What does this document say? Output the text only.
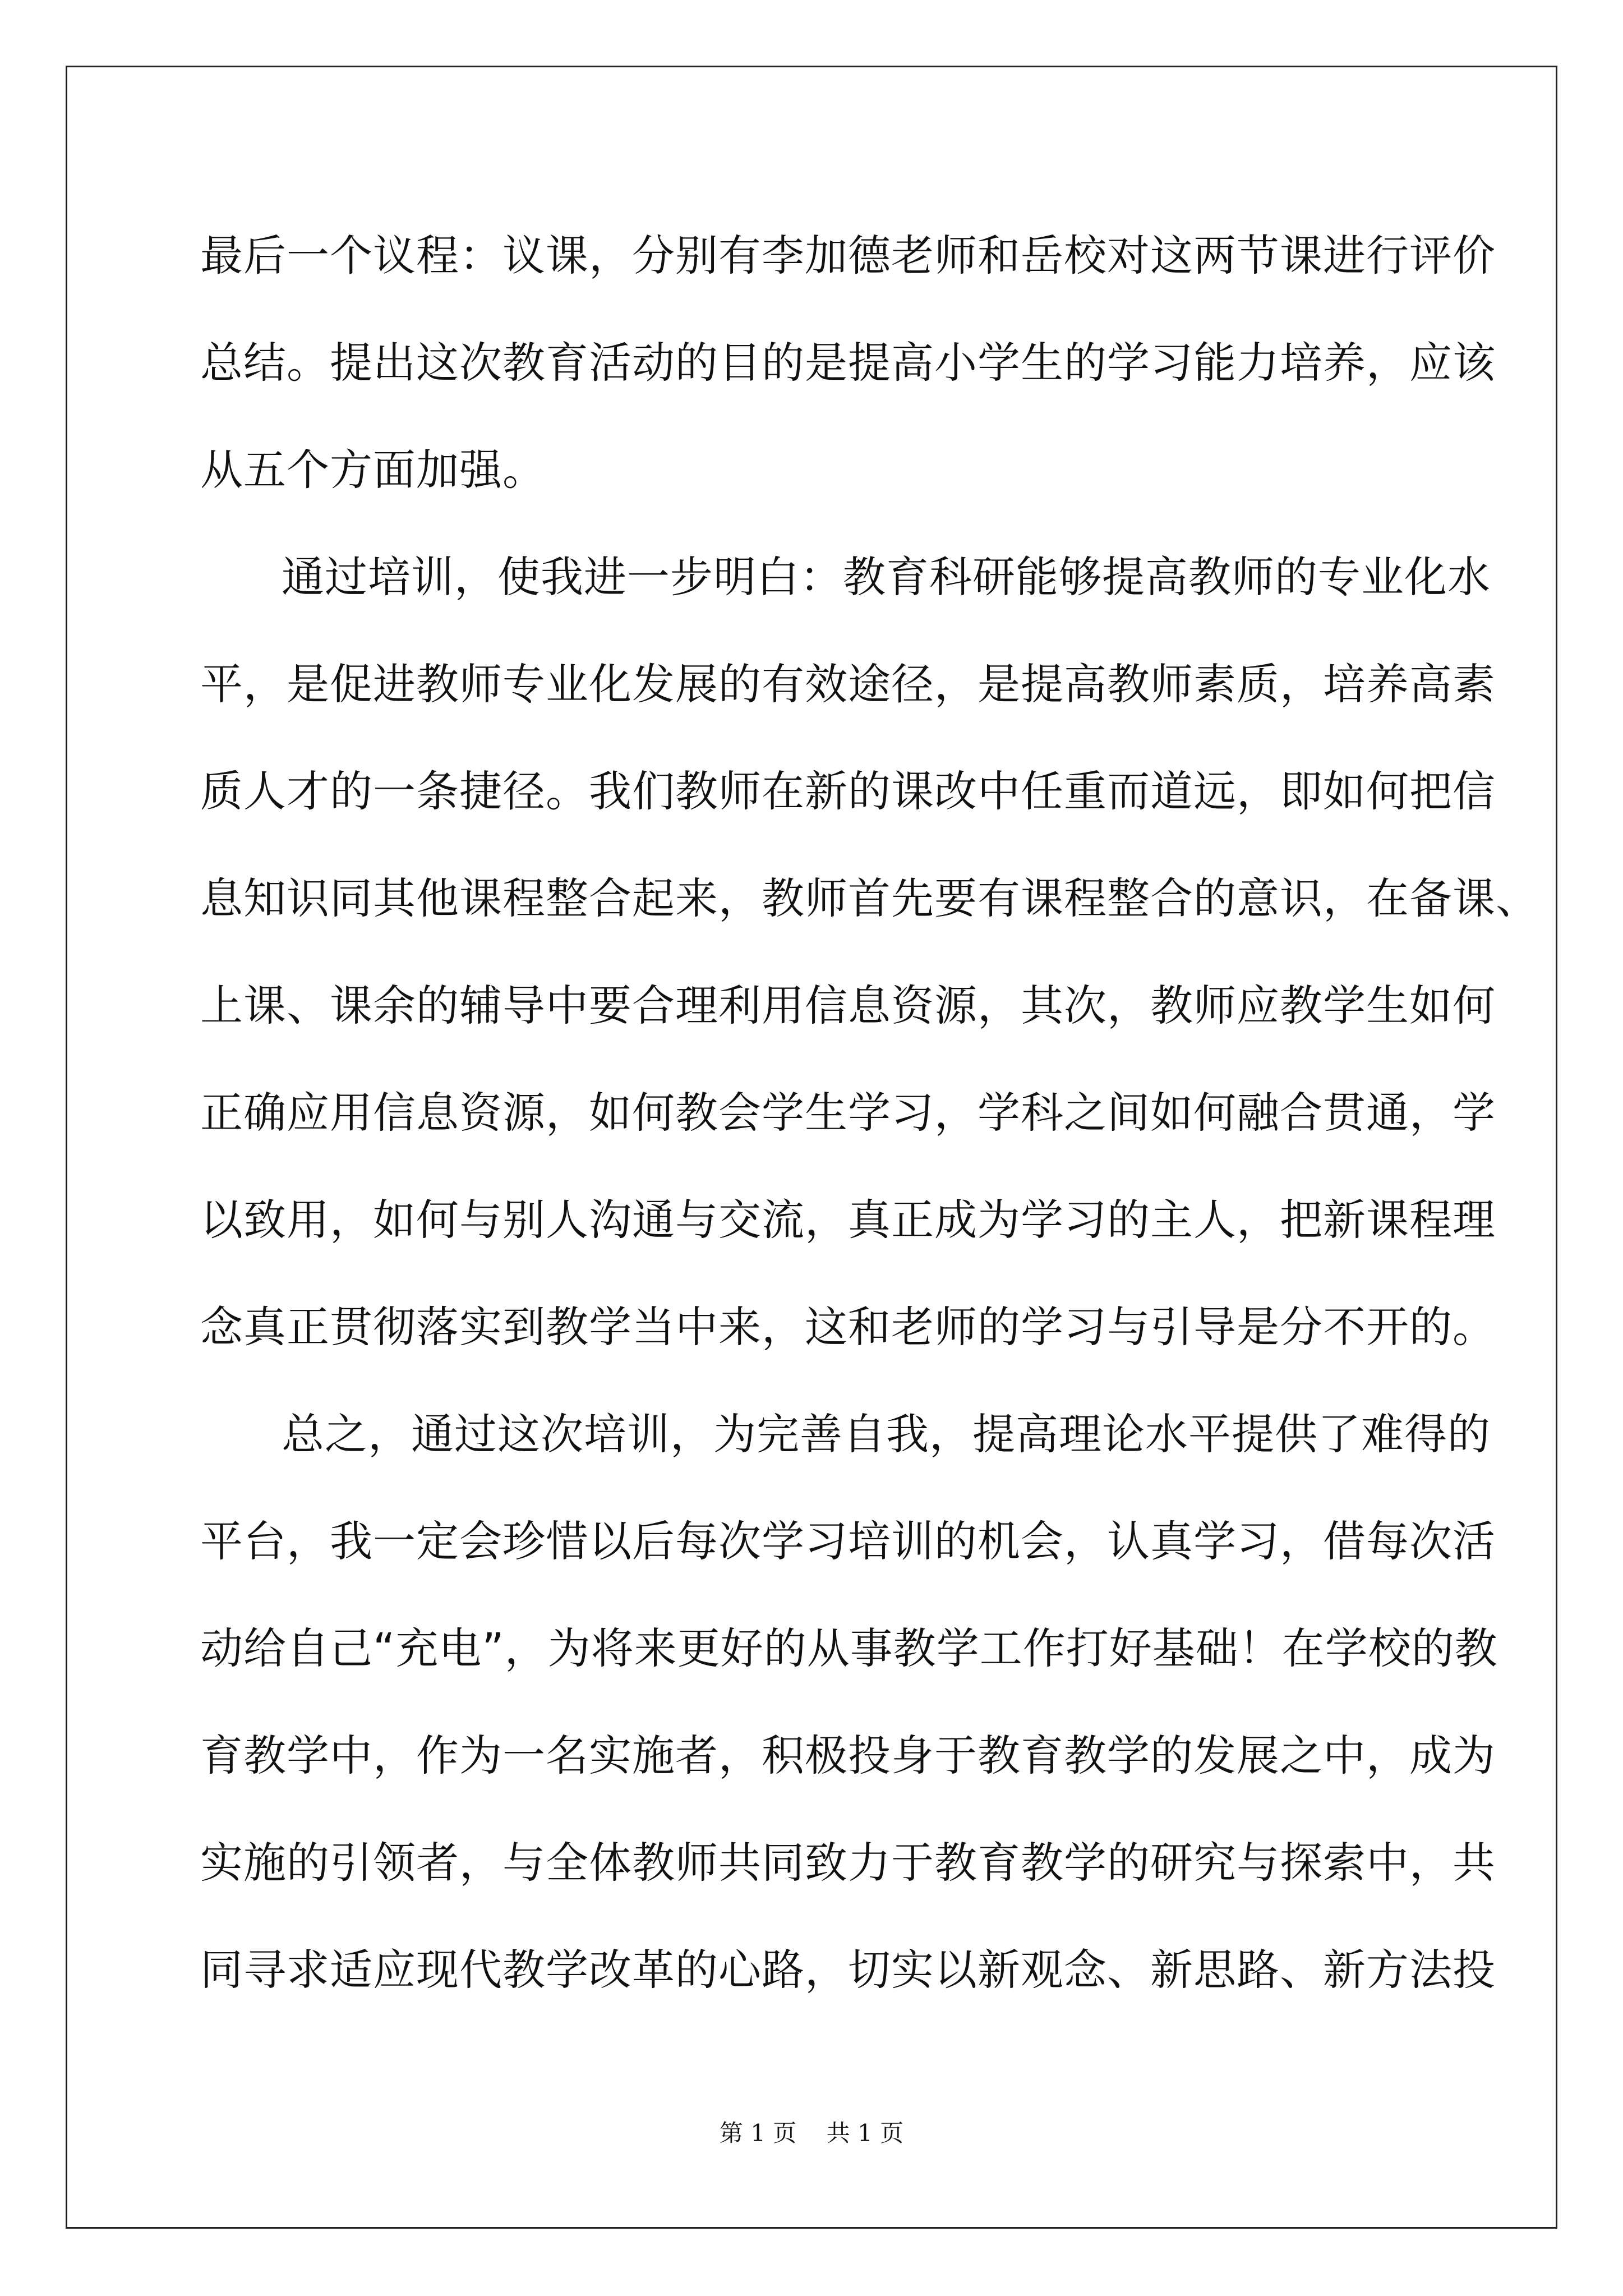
最后一个议程：议课，分别有李加德老师和岳校对这两节课进行评价
总结。提出这次教育活动的目的是提高小学生的学习能力培养，应该
从五个方面加强。
通过培训，使我进一步明白：教育科研能够提高教师的专业化水
平，是促进教师专业化发展的有效途径，是提高教师素质，培养高素
质人才的一条捷径。我们教师在新的课改中任重而道远，即如何把信
息知识同其他课程整合起来，教师首先要有课程整合的意识，在备课、
上课、课余的辅导中要合理利用信息资源，其次，教师应教学生如何
正确应用信息资源，如何教会学生学习，学科之间如何融合贯通，学
以致用，如何与别人沟通与交流，真正成为学习的主人，把新课程理
念真正贯彻落实到教学当中来，这和老师的学习与引导是分不开的。
总之，通过这次培训，为完善自我，提高理论水平提供了难得的
平台，我一定会珍惜以后每次学习培训的机会，认真学习，借每次活
动给自己“充电”，为将来更好的从事教学工作打好基础！在学校的教
育教学中，作为一名实施者，积极投身于教育教学的发展之中，成为
实施的引领者，与全体教师共同致力于教育教学的研究与探索中，共
同寻求适应现代教学改革的心路，切实以新观念、新思路、新方法投
第 1 页 共 1 页
